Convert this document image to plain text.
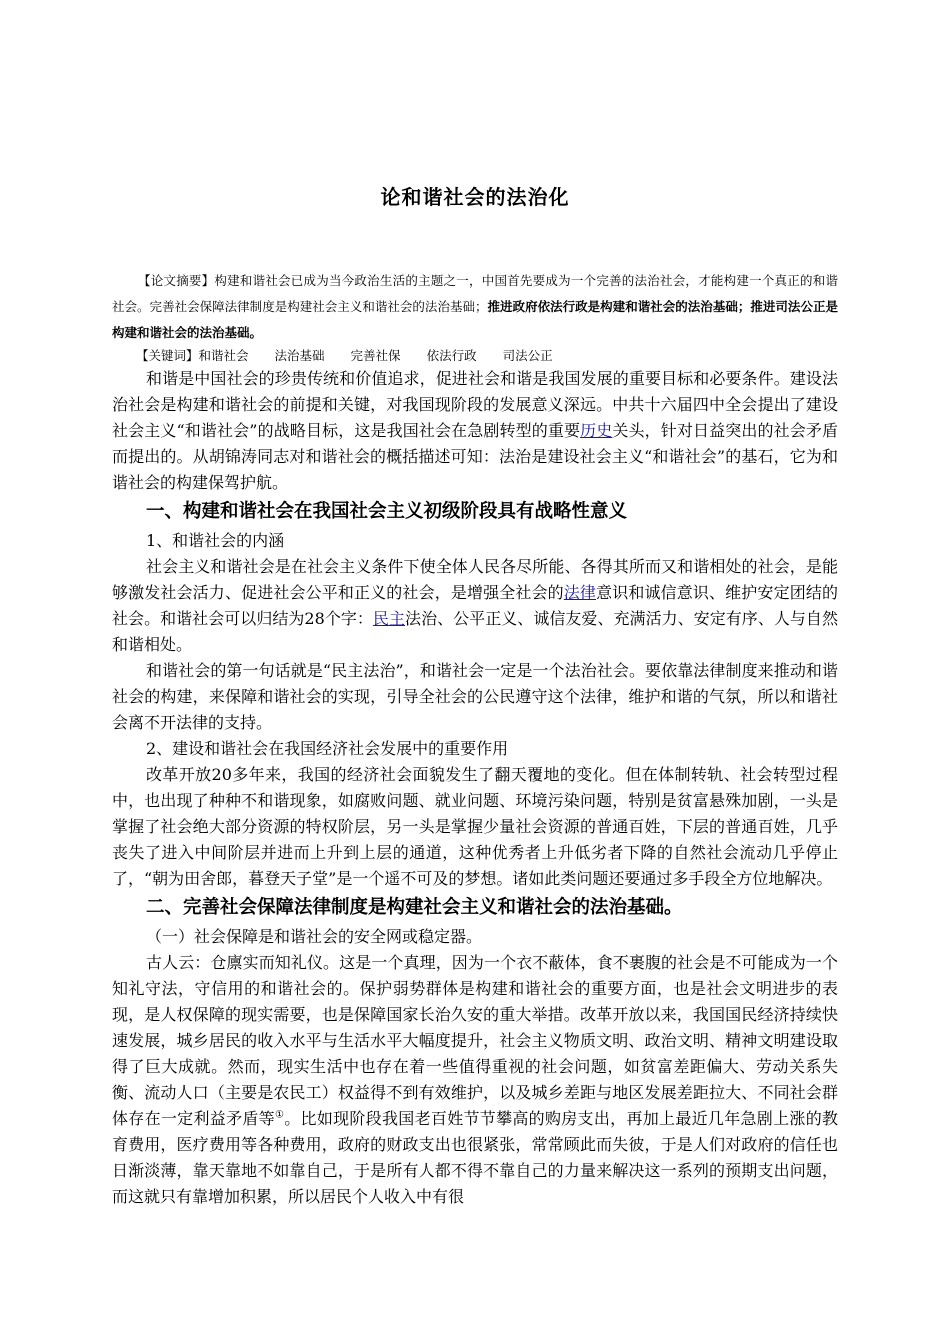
论和谐社会的法治化
【论文摘要】构建和谐社会已成为当今政治生活的主题之一，中国首先要成为一个完善的法治社会，才能构建一个真正的和谐社会。完善社会保障法律制度是构建社会主义和谐社会的法治基础；推进政府依法行政是构建和谐社会的法治基础；推进司法公正是构建和谐社会的法治基础。
【关键词】和谐社会 法治基础 完善社保 依法行政 司法公正

和谐是中国社会的珍贵传统和价值追求，促进社会和谐是我国发展的重要目标和必要条件。建设法治社会是构建和谐社会的前提和关键，对我国现阶段的发展意义深远。中共十六届四中全会提出了建设社会主义“和谐社会”的战略目标，这是我国社会在急剧转型的重要历史关头，针对日益突出的社会矛盾而提出的。从胡锦涛同志对和谐社会的概括描述可知：法治是建设社会主义“和谐社会”的基石，它为和谐社会的构建保驾护航。

一、构建和谐社会在我国社会主义初级阶段具有战略性意义

1、和谐社会的内涵

社会主义和谐社会是在社会主义条件下使全体人民各尽所能、各得其所而又和谐相处的社会，是能够激发社会活力、促进社会公平和正义的社会，是增强全社会的法律意识和诚信意识、维护安定团结的社会。和谐社会可以归结为28个字：民主法治、公平正义、诚信友爱、充满活力、安定有序、人与自然和谐相处。

和谐社会的第一句话就是“民主法治”，和谐社会一定是一个法治社会。要依靠法律制度来推动和谐社会的构建，来保障和谐社会的实现，引导全社会的公民遵守这个法律，维护和谐的气氛，所以和谐社会离不开法律的支持。

2、建设和谐社会在我国经济社会发展中的重要作用

改革开放20多年来，我国的经济社会面貌发生了翻天覆地的变化。但在体制转轨、社会转型过程中，也出现了种种不和谐现象，如腐败问题、就业问题、环境污染问题，特别是贫富悬殊加剧，一头是掌握了社会绝大部分资源的特权阶层，另一头是掌握少量社会资源的普通百姓，下层的普通百姓，几乎丧失了进入中间阶层并进而上升到上层的通道，这种优秀者上升低劣者下降的自然社会流动几乎停止了，“朝为田舍郎，暮登天子堂”是一个遥不可及的梦想。诸如此类问题还要通过多手段全方位地解决。

二、完善社会保障法律制度是构建社会主义和谐社会的法治基础。

（一）社会保障是和谐社会的安全网或稳定器。

古人云：仓廪实而知礼仪。这是一个真理，因为一个衣不蔽体，食不裹腹的社会是不可能成为一个知礼守法，守信用的和谐社会的。保护弱势群体是构建和谐社会的重要方面，也是社会文明进步的表现，是人权保障的现实需要，也是保障国家长治久安的重大举措。改革开放以来，我国国民经济持续快速发展，城乡居民的收入水平与生活水平大幅度提升，社会主义物质文明、政治文明、精神文明建设取得了巨大成就。然而，现实生活中也存在着一些值得重视的社会问题，如贫富差距偏大、劳动关系失衡、流动人口（主要是农民工）权益得不到有效维护，以及城乡差距与地区发展差距拉大、不同社会群体存在一定利益矛盾等①。比如现阶段我国老百姓节节攀高的购房支出，再加上最近几年急剧上涨的教育费用，医疗费用等各种费用，政府的财政支出也很紧张，常常顾此而失彼，于是人们对政府的信任也日渐淡薄，靠天靠地不如靠自己，于是所有人都不得不靠自己的力量来解决这一系列的预期支出问题，而这就只有靠增加积累，所以居民个人收入中有很
